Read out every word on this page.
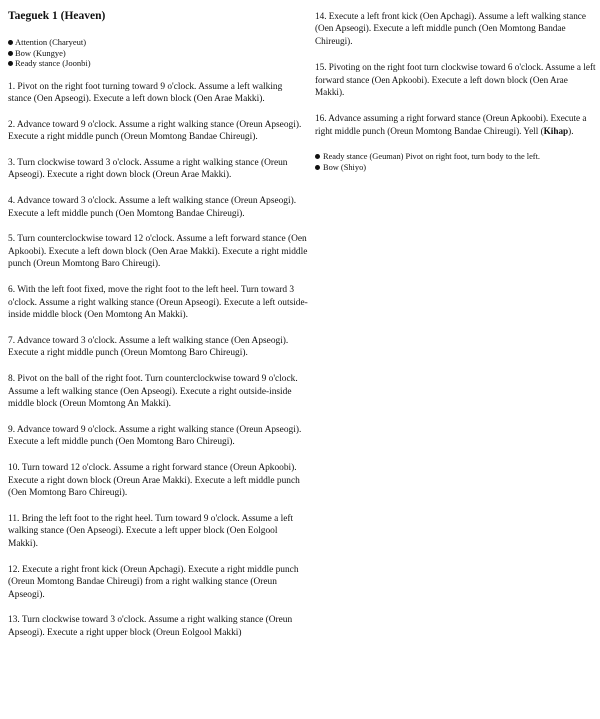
Taeguek 1 (Heaven)
Attention (Charyeut)
Bow (Kungye)
Ready stance (Joonbi)

1. Pivot on the right foot turning toward 9 o'clock. Assume a left walking stance (Oen Apseogi). Execute a left down block (Oen Arae Makki).

2. Advance toward 9 o'clock. Assume a right walking stance (Oreun Apseogi). Execute a right middle punch (Oreun Momtong Bandae Chireugi).

3. Turn clockwise toward 3 o'clock. Assume a right walking stance (Oreun Apseogi). Execute a right down block (Oreun Arae Makki).

4. Advance toward 3 o'clock. Assume a left walking stance (Oreun Apseogi). Execute a left middle punch (Oen Momtong Bandae Chireugi).

5. Turn counterclockwise toward 12 o'clock. Assume a left forward stance (Oen Apkoobi). Execute a left down block (Oen Arae Makki). Execute a right middle punch (Oreun Momtong Baro Chireugi).

6. With the left foot fixed, move the right foot to the left heel. Turn toward 3 o'clock. Assume a right walking stance (Oreun Apseogi). Execute a left outside-inside middle block (Oen Momtong An Makki).

7. Advance toward 3 o'clock. Assume a left walking stance (Oen Apseogi). Execute a right middle punch (Oreun Momtong Baro Chireugi).

8. Pivot on the ball of the right foot. Turn counterclockwise toward 9 o'clock. Assume a left walking stance (Oen Apseogi). Execute a right outside-inside middle block (Oreun Momtong An Makki).

9. Advance toward 9 o'clock. Assume a right walking stance (Oreun Apseogi). Execute a left middle punch (Oen Momtong Baro Chireugi).

10. Turn toward 12 o'clock. Assume a right forward stance (Oreun Apkoobi). Execute a right down block (Oreun Arae Makki). Execute a left middle punch (Oen Momtong Baro Chireugi).

11. Bring the left foot to the right heel. Turn toward 9 o'clock. Assume a left walking stance (Oen Apseogi). Execute a left upper block (Oen Eolgool Makki).

12. Execute a right front kick (Oreun Apchagi). Execute a right middle punch (Oreun Momtong Bandae Chireugi) from a right walking stance (Oreun Apseogi).

13. Turn clockwise toward 3 o'clock. Assume a right walking stance (Oreun Apseogi). Execute a right upper block (Oreun Eolgool Makki)

14. Execute a left front kick (Oen Apchagi). Assume a left walking stance (Oen Apseogi). Execute a left middle punch (Oen Momtong Bandae Chireugi).

15. Pivoting on the right foot turn clockwise toward 6 o'clock. Assume a left forward stance (Oen Apkoobi). Execute a left down block (Oen Arae Makki).

16. Advance assuming a right forward stance (Oreun Apkoobi). Execute a right middle punch (Oreun Momtong Bandae Chireugi). Yell (Kihap).

Ready stance (Geuman) Pivot on right foot, turn body to the left.
Bow (Shiyo)
